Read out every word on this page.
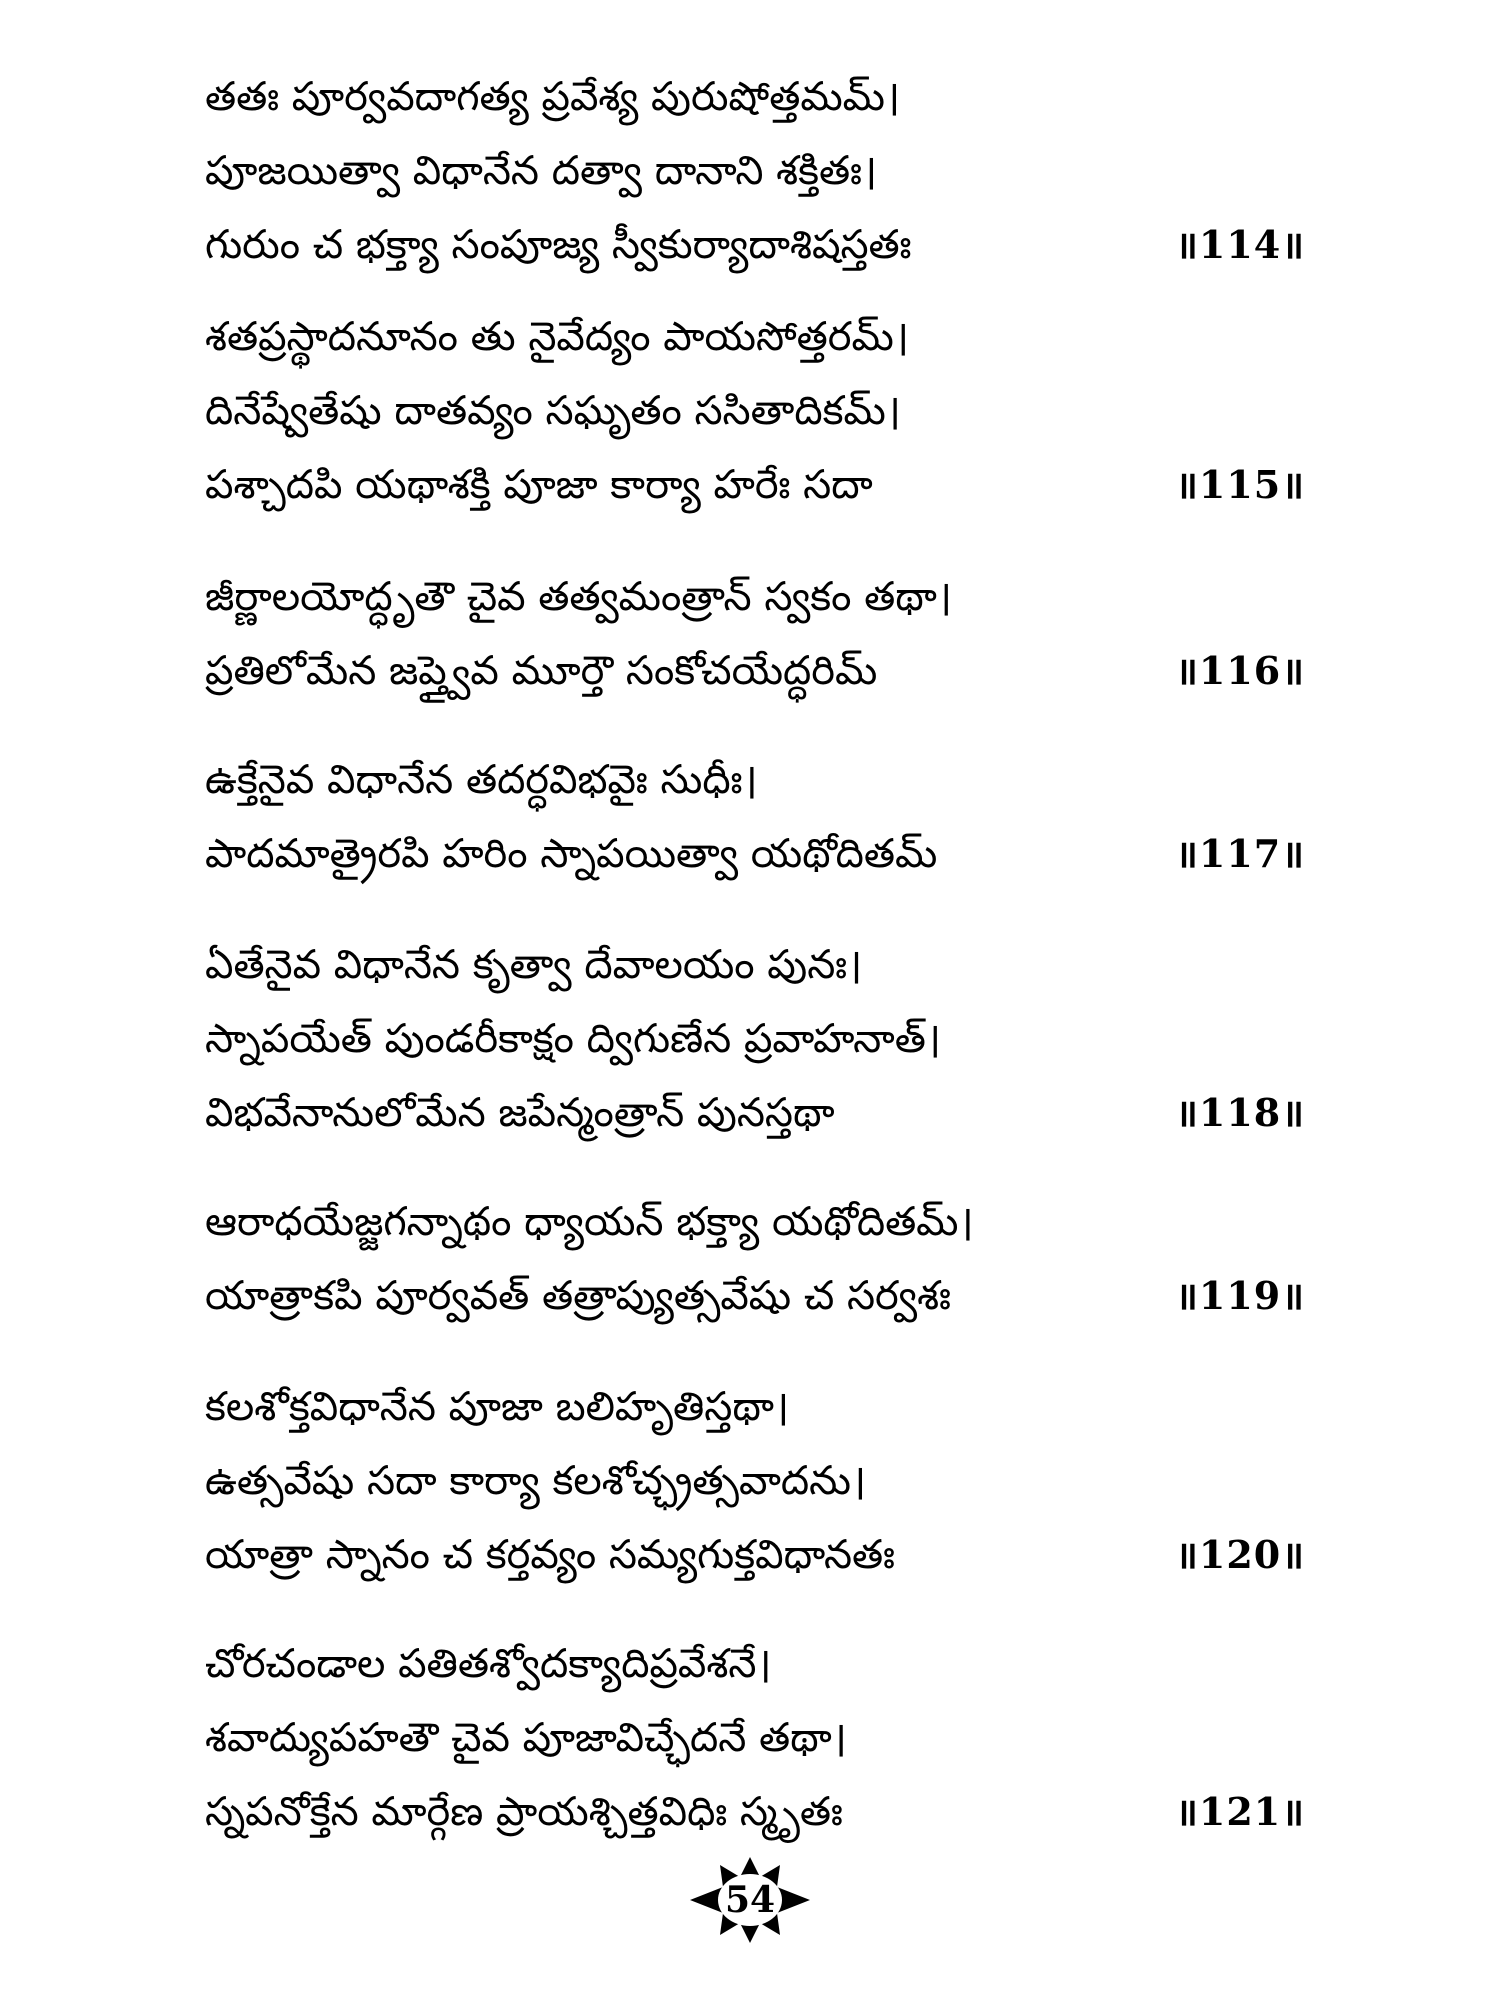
తతః పూర్వవదాగత్య ప్రవేశ్య పురుషోత్తమమ్।
పూజయిత్వా విధానేన దత్వా దానాని శక్తితః।
గురుం చ భక్త్యా సంపూజ్య స్వీకుర్యాదాశిషస్తతః	॥114॥
శతప్రస్థాదనూనం తు నైవేద్యం పాయసోత్తరమ్।
దినేష్వేతేషు దాతవ్యం సఘృతం ససితాదికమ్।
పశ్చాదపి యథాశక్తి పూజా కార్యా హరేః సదా	॥115॥
జీర్ణాలయోద్ధృతౌ చైవ తత్వమంత్రాన్ స్వకం తథా।
ప్రతిలోమేన జప్త్వైవ మూర్తౌ సంకోచయేద్ధరిమ్	॥116॥
ఉక్తేనైవ విధానేన తదర్ధవిభవైః సుధీః।
పాదమాత్రైరపి హరిం స్నాపయిత్వా యథోదితమ్	॥117॥
ఏతేనైవ విధానేన కృత్వా దేవాలయం పునః।
స్నాపయేత్ పుండరీకాక్షం ద్విగుణేన ప్రవాహనాత్।
విభవేనానులోమేన జపేన్మంత్రాన్ పునస్తథా	॥118॥
ఆరాధయేజ్జగన్నాథం ధ్యాయన్ భక్త్యా యథోదితమ్।
యాత్రాకపి పూర్వవత్ తత్రాప్యుత్సవేషు చ సర్వశః	॥119॥
కలశోక్తవిధానేన పూజా బలిహృతిస్తథా।
ఉత్సవేషు సదా కార్యా కలశోచ్ఛ్రత్సవాదను।
యాత్రా స్నానం చ కర్తవ్యం సమ్యగుక్తవిధానతః	॥120॥
చోరచండాల పతితశ్వోదక్యాదిప్రవేశనే।
శవాద్యుపహతౌ చైవ పూజావిచ్ఛేదనే తథా।
స్నపనోక్తేన మార్గేణ ప్రాయశ్చిత్తవిధిః స్మృతః	॥121॥
54
